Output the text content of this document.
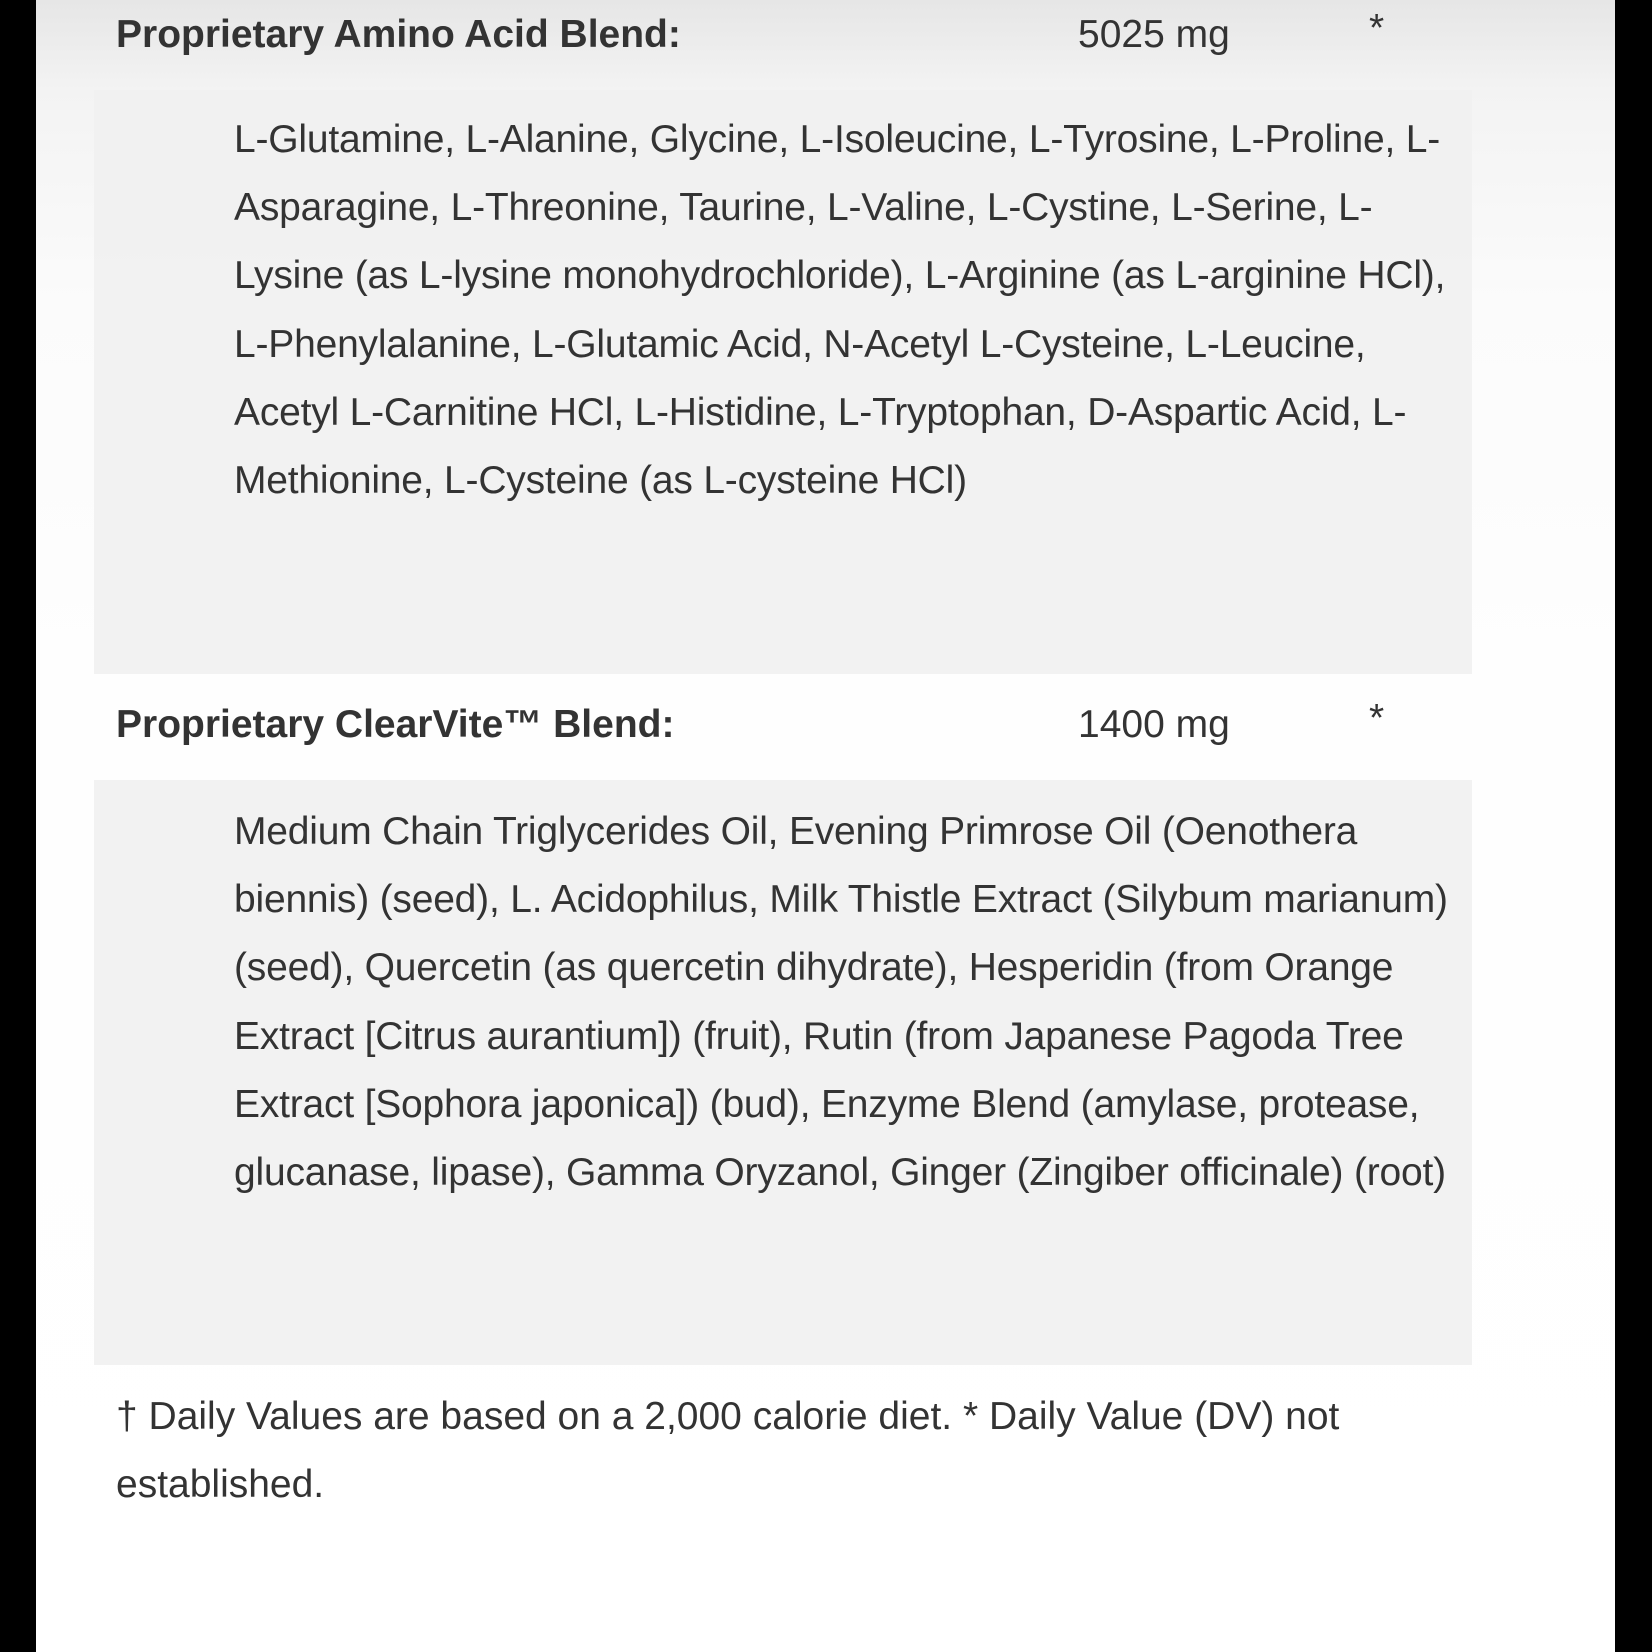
Proprietary Amino Acid Blend:	5025 mg	*
L-Glutamine, L-Alanine, Glycine, L-Isoleucine, L-Tyrosine, L-Proline, L-Asparagine, L-Threonine, Taurine, L-Valine, L-Cystine, L-Serine, L-Lysine (as L-lysine monohydrochloride), L-Arginine (as L-arginine HCl), L-Phenylalanine, L-Glutamic Acid, N-Acetyl L-Cysteine, L-Leucine, Acetyl L-Carnitine HCl, L-Histidine, L-Tryptophan, D-Aspartic Acid, L-Methionine, L-Cysteine (as L-cysteine HCl)
Proprietary ClearVite™ Blend:	1400 mg	*
Medium Chain Triglycerides Oil, Evening Primrose Oil (Oenothera biennis) (seed), L. Acidophilus, Milk Thistle Extract (Silybum marianum) (seed), Quercetin (as quercetin dihydrate), Hesperidin (from Orange Extract [Citrus aurantium]) (fruit), Rutin (from Japanese Pagoda Tree Extract [Sophora japonica]) (bud), Enzyme Blend (amylase, protease, glucanase, lipase), Gamma Oryzanol, Ginger (Zingiber officinale) (root)
† Daily Values are based on a 2,000 calorie diet. * Daily Value (DV) not established.
